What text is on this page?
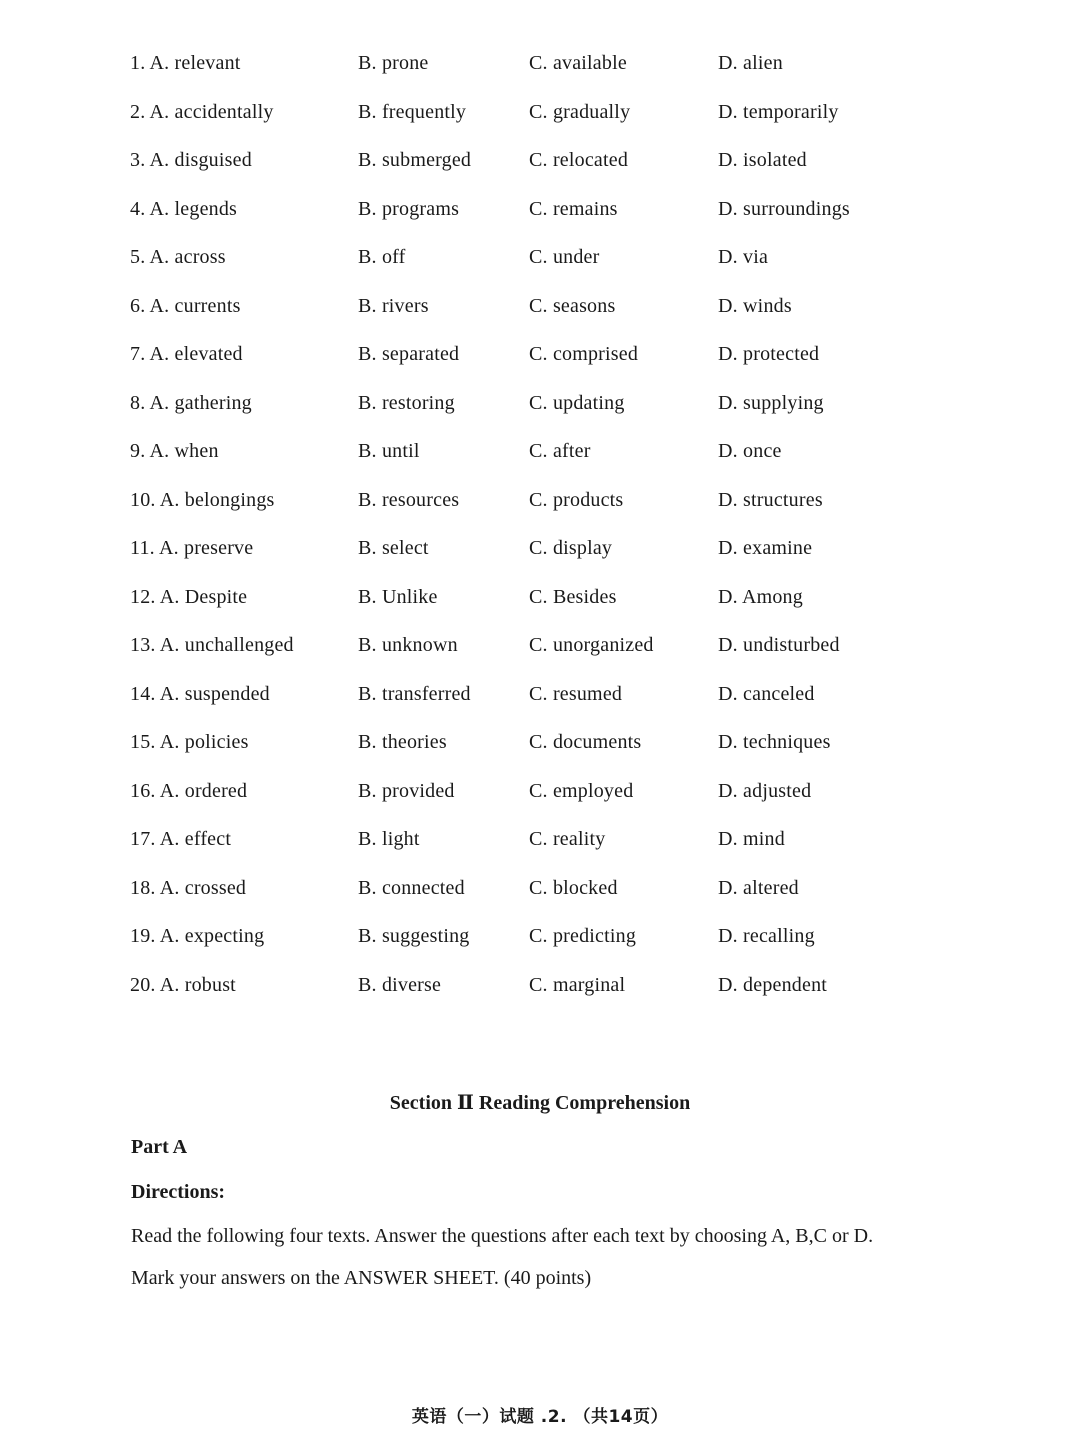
1. A. relevant	B. prone	C. available	D. alien
2. A. accidentally	B. frequently	C. gradually	D. temporarily
3. A. disguised	B. submerged	C. relocated	D. isolated
4. A. legends	B. programs	C. remains	D. surroundings
5. A. across	B. off	C. under	D. via
6. A. currents	B. rivers	C. seasons	D. winds
7. A. elevated	B. separated	C. comprised	D. protected
8. A. gathering	B. restoring	C. updating	D. supplying
9. A. when	B. until	C. after	D. once
10. A. belongings	B. resources	C. products	D. structures
11. A. preserve	B. select	C. display	D. examine
12. A. Despite	B. Unlike	C. Besides	D. Among
13. A. unchallenged	B. unknown	C. unorganized	D. undisturbed
14. A. suspended	B. transferred	C. resumed	D. canceled
15. A. policies	B. theories	C. documents	D. techniques
16. A. ordered	B. provided	C. employed	D. adjusted
17. A. effect	B. light	C. reality	D. mind
18. A. crossed	B. connected	C. blocked	D. altered
19. A. expecting	B. suggesting	C. predicting	D. recalling
20. A. robust	B. diverse	C. marginal	D. dependent
Section Ⅱ Reading Comprehension
Part A
Directions:
Read the following four texts. Answer the questions after each text by choosing A, B,C or D.
Mark your answers on the ANSWER SHEET. (40 points)
英语（一）试题 .2. （共14页）
